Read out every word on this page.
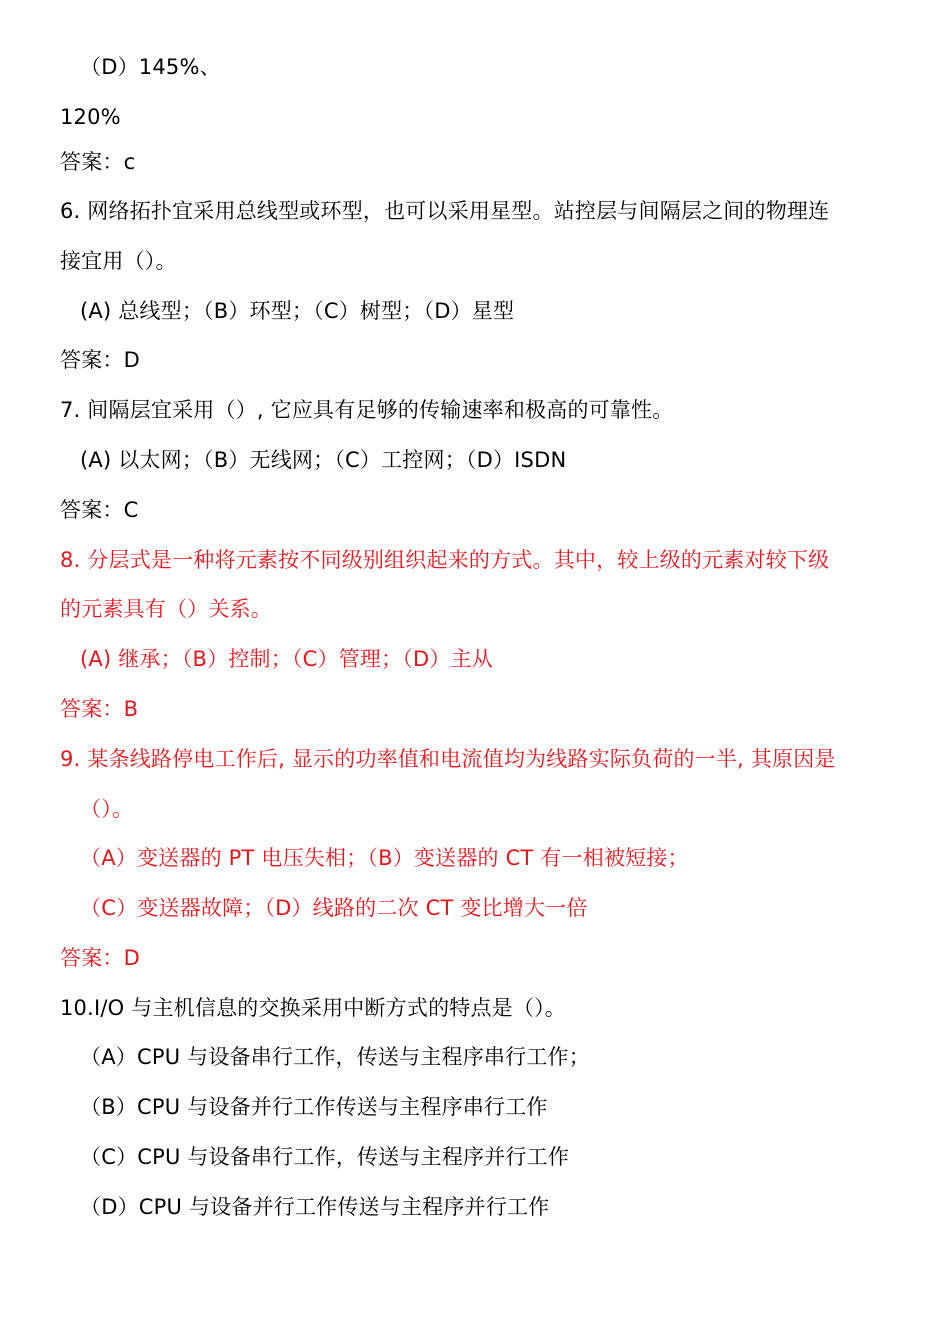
（D）145%、
120%
答案：c
6. 网络拓扑宜采用总线型或环型，也可以采用星型。站控层与间隔层之间的物理连
接宜用（）。
(A) 总线型；（B）环型；（C）树型；（D）星型
答案：D
7. 间隔层宜采用（）, 它应具有足够的传输速率和极高的可靠性。
(A) 以太网；（B）无线网；（C）工控网；（D）ISDN
答案：C
8. 分层式是一种将元素按不同级别组织起来的方式。其中，较上级的元素对较下级
的元素具有（）关系。
(A) 继承；（B）控制；（C）管理；（D）主从
答案：B
9. 某条线路停电工作后, 显示的功率值和电流值均为线路实际负荷的一半, 其原因是
（）。
（A）变送器的 PT 电压失相；（B）变送器的 CT 有一相被短接；
（C）变送器故障；（D）线路的二次 CT 变比增大一倍
答案：D
10.I/O 与主机信息的交换采用中断方式的特点是（）。
（A）CPU 与设备串行工作，传送与主程序串行工作；
（B）CPU 与设备并行工作传送与主程序串行工作
（C）CPU 与设备串行工作，传送与主程序并行工作
（D）CPU 与设备并行工作传送与主程序并行工作
